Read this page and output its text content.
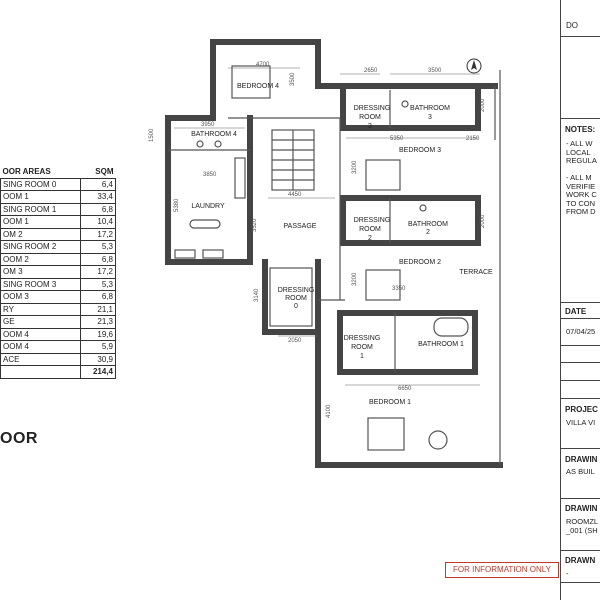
OOR AREAS	SQM
SING ROOM 0	6,4
OOM 1	33,4
SING ROOM 1	6,8
OOM 1	10,4
OM 2	17,2
SING ROOM 2	5,3
OOM 2	6,8
OM 3	17,2
SING ROOM 3	5,3
OOM 3	6,8
RY	21,1
GE	21,3
OOM 4	19,6
OOM 4	5,9
ACE	30,9
	214,4
OOR
4700
3500
2650	3500
1500
3950
3850
5380
4450
3520
2000
5350	2150
3200
2000
3200
3350
3140
2050
6650
4100
BEDROOM 4
BATHROOM 4
LAUNDRY
PASSAGE
DRESSING
ROOM
3
BATHROOM
3
BEDROOM 3
DRESSING
ROOM
2
BATHROOM
2
BEDROOM 2
TERRACE
DRESSING
ROOM
0
DRESSING
ROOM
1
BATHROOM 1
BEDROOM 1
DO
NOTES:
- ALL W
LOCAL
REGULA
- ALL M
VERIFIE
WORK C
TO CON
FROM D
DATE
07/04/25
PROJEC
VILLA VI
DRAWIN
AS BUIL
DRAWIN
ROOMZL
_001 (SH
DRAWN
-
FOR INFORMATION ONLY
